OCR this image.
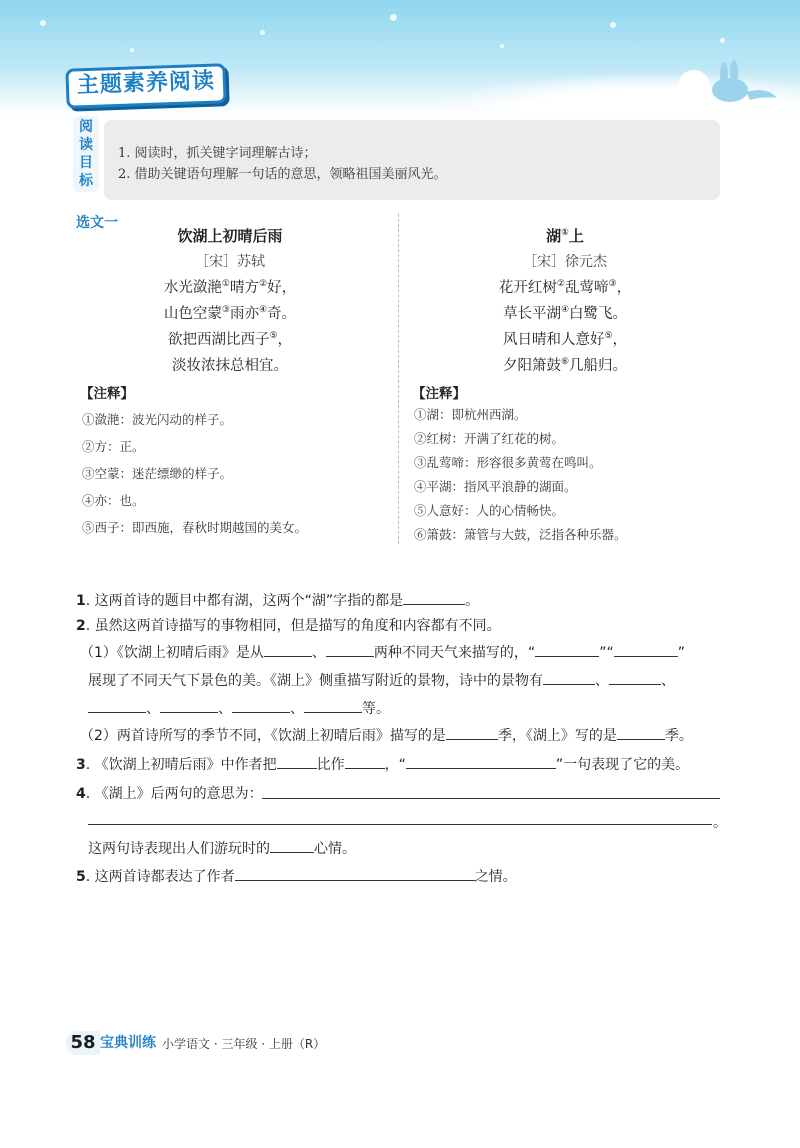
主题素养阅读
阅读目标
1. 阅读时，抓关键字词理解古诗；
2. 借助关键语句理解一句话的意思，领略祖国美丽风光。
选文一
饮湖上初晴后雨
［宋］苏轼
水光潋滟①晴方②好，
山色空蒙③雨亦④奇。
欲把西湖比西子⑤，
淡妆浓抹总相宜。
【注释】
①潋滟：波光闪动的样子。
②方：正。
③空蒙：迷茫缥缈的样子。
④亦：也。
⑤西子：即西施，春秋时期越国的美女。
湖①上
［宋］徐元杰
花开红树②乱莺啼③，
草长平湖④白鹭飞。
风日晴和人意好⑤，
夕阳箫鼓⑥几船归。
【注释】
①湖：即杭州西湖。
②红树：开满了红花的树。
③乱莺啼：形容很多黄莺在鸣叫。
④平湖：指风平浪静的湖面。
⑤人意好：人的心情畅快。
⑥箫鼓：箫管与大鼓，泛指各种乐器。
1. 这两首诗的题目中都有湖，这两个“湖”字指的都是	。
2. 虽然这两首诗描写的事物相同，但是描写的角度和内容都有不同。
（1）《饮湖上初晴后雨》是从	、	两种不同天气来描写的，“	”“	”
展现了不同天气下景色的美。《湖上》侧重描写附近的景物，诗中的景物有	、	、
、	、	、	等。
（2）两首诗所写的季节不同，《饮湖上初晴后雨》描写的是	季，《湖上》写的是	季。
3. 《饮湖上初晴后雨》中作者把	比作	，“	”一句表现了它的美。
4. 《湖上》后两句的意思为：
。
这两句诗表现出人们游玩时的	心情。
5. 这两首诗都表达了作者	之情。
58 宝典训练 小学语文 · 三年级 · 上册（R）
